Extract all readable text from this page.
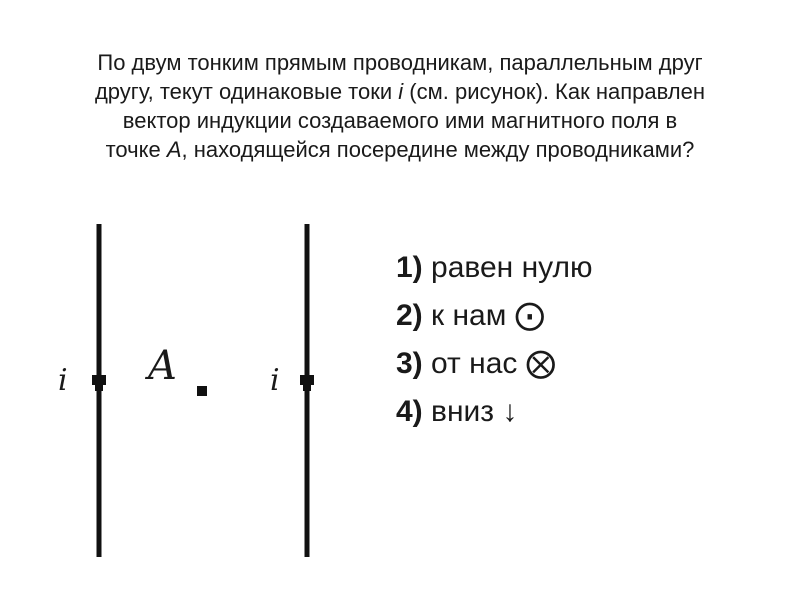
По двум тонким прямым проводникам, параллельным друг
другу, текут одинаковые токи i (см. рисунок). Как направлен
вектор индукции создаваемого ими магнитного поля в
точке А, находящейся посередине между проводниками?

i	i
A
1) равен нулю
2) к нам ⨀
3) от нас ⨂
4) вниз ↓
